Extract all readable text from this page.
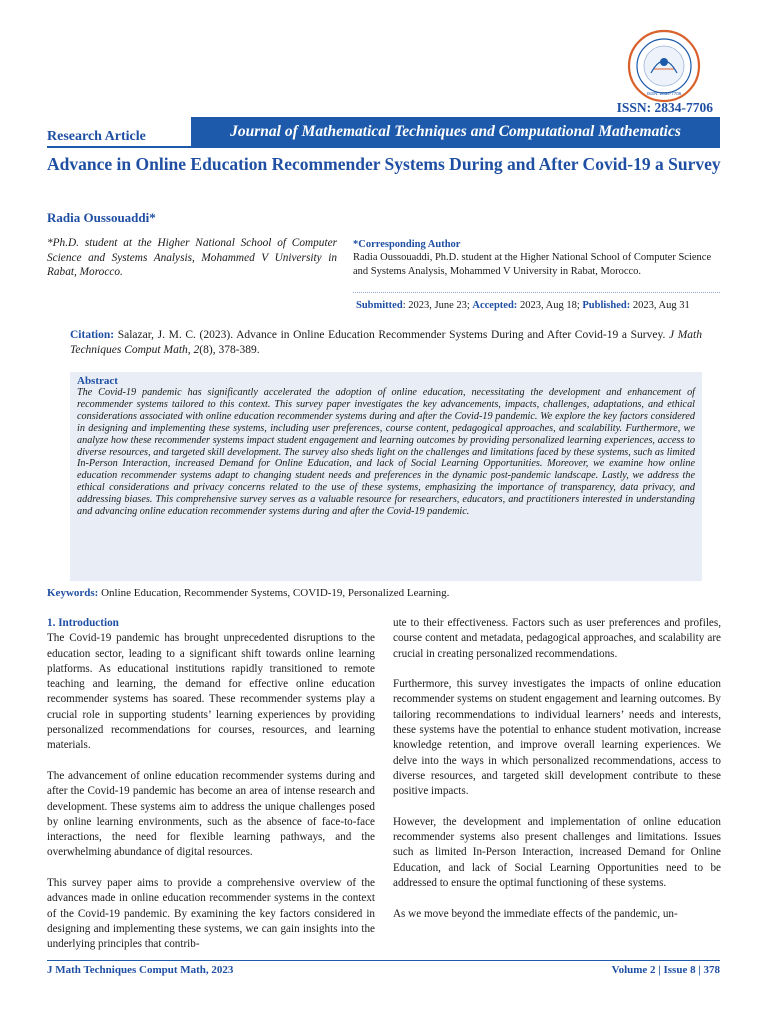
ISSN: 2834-7706
ISSN: 2834-7706
Research Article	Journal of Mathematical Techniques and Computational Mathematics
Advance in Online Education Recommender Systems During and After Covid-19 a Survey
Radia Oussouaddi*
*Ph.D. student at the Higher National School of Computer Science and Systems Analysis, Mohammed V University in Rabat, Morocco.
*Corresponding Author
Radia Oussouaddi, Ph.D. student at the Higher National School of Computer Science and Systems Analysis, Mohammed V University in Rabat, Morocco.
Submitted: 2023, June 23; Accepted: 2023, Aug 18; Published: 2023, Aug 31
Citation: Salazar, J. M. C. (2023). Advance in Online Education Recommender Systems During and After Covid-19 a Survey. J Math Techniques Comput Math, 2(8), 378-389.
Abstract
The Covid-19 pandemic has significantly accelerated the adoption of online education, necessitating the development and enhancement of recommender systems tailored to this context. This survey paper investigates the key advancements, impacts, challenges, adaptations, and ethical considerations associated with online education recommender systems during and after the Covid-19 pandemic. We explore the key factors considered in designing and implementing these systems, including user preferences, course content, pedagogical approaches, and scalability. Furthermore, we analyze how these recommender systems impact student engagement and learning outcomes by providing personalized learning experiences, access to diverse resources, and targeted skill development. The survey also sheds light on the challenges and limitations faced by these systems, such as limited In-Person Interaction, increased Demand for Online Education, and lack of Social Learning Opportunities. Moreover, we examine how online education recommender systems adapt to changing student needs and preferences in the dynamic post-pandemic landscape. Lastly, we address the ethical considerations and privacy concerns related to the use of these systems, emphasizing the importance of transparency, data privacy, and addressing biases. This comprehensive survey serves as a valuable resource for researchers, educators, and practitioners interested in understanding and advancing online education recommender systems during and after the Covid-19 pandemic.
Keywords: Online Education, Recommender Systems, COVID-19, Personalized Learning.
1. Introduction

The Covid-19 pandemic has brought unprecedented disruptions to the education sector, leading to a significant shift towards online learning platforms. As educational institutions rapidly transitioned to remote teaching and learning, the demand for effective online education recommender systems has soared. These recommender systems play a crucial role in supporting students’ learning experiences by providing personalized recommendations for courses, resources, and learning materials.

The advancement of online education recommender systems during and after the Covid-19 pandemic has become an area of intense research and development. These systems aim to address the unique challenges posed by online learning environments, such as the absence of face-to-face interactions, the need for flexible learning pathways, and the overwhelming abundance of digital resources.

This survey paper aims to provide a comprehensive overview of the advances made in online education recommender systems in the context of the Covid-19 pandemic. By examining the key factors considered in designing and implementing these systems, we can gain insights into the underlying principles that contrib-

ute to their effectiveness. Factors such as user preferences and profiles, course content and metadata, pedagogical approaches, and scalability are crucial in creating personalized recommendations.

Furthermore, this survey investigates the impacts of online education recommender systems on student engagement and learning outcomes. By tailoring recommendations to individual learners’ needs and interests, these systems have the potential to enhance student motivation, increase knowledge retention, and improve overall learning experiences. We delve into the ways in which personalized recommendations, access to diverse resources, and targeted skill development contribute to these positive impacts.

However, the development and implementation of online education recommender systems also present challenges and limitations. Issues such as limited In-Person Interaction, increased Demand for Online Education, and lack of Social Learning Opportunities need to be addressed to ensure the optimal functioning of these systems.

As we move beyond the immediate effects of the pandemic, un-

J Math Techniques Comput Math, 2023	Volume 2 | Issue 8 | 378
